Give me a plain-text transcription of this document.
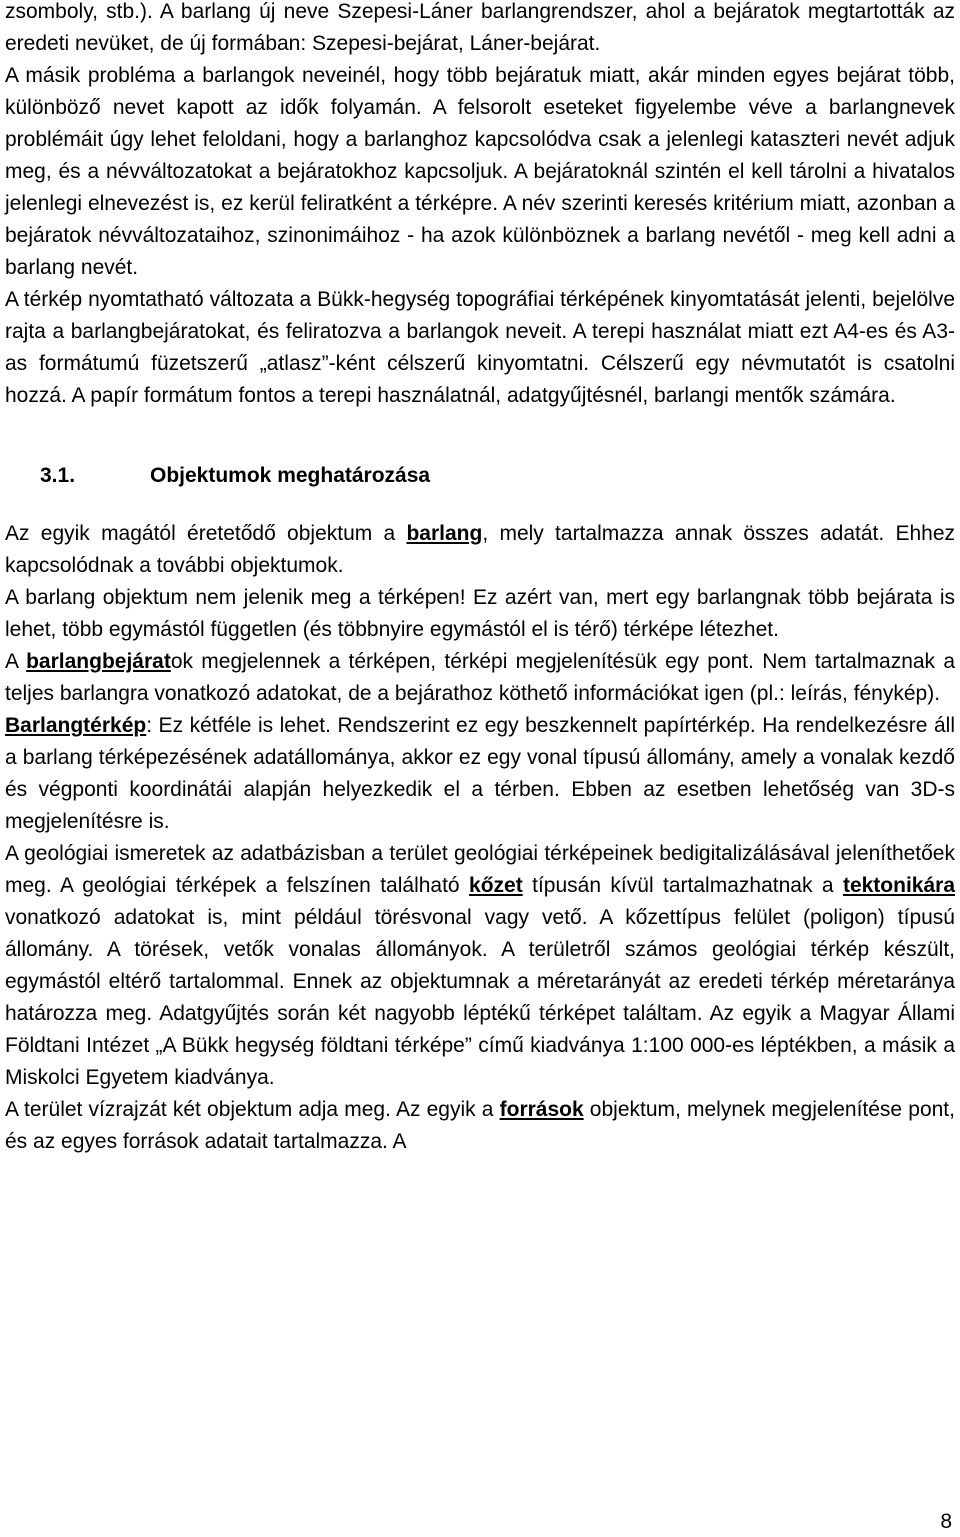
zsomboly, stb.). A barlang új neve Szepesi-Láner barlangrendszer, ahol a bejáratok megtartották az eredeti nevüket, de új formában: Szepesi-bejárat, Láner-bejárat.

A másik probléma a barlangok neveinél, hogy több bejáratuk miatt, akár minden egyes bejárat több, különböző nevet kapott az idők folyamán. A felsorolt eseteket figyelembe véve a barlangnevek problémáit úgy lehet feloldani, hogy a barlanghoz kapcsolódva csak a jelenlegi kataszteri nevét adjuk meg, és a névváltozatokat a bejáratokhoz kapcsoljuk. A bejáratoknál szintén el kell tárolni a hivatalos jelenlegi elnevezést is, ez kerül feliratként a térképre. A név szerinti keresés kritérium miatt, azonban a bejáratok névváltozataihoz, szinonimáihoz - ha azok különböznek a barlang nevétől - meg kell adni a barlang nevét.

A térkép nyomtatható változata a Bükk-hegység topográfiai térképének kinyomtatását jelenti, bejelölve rajta a barlangbejáratokat, és feliratozva a barlangok neveit. A terepi használat miatt ezt A4-es és A3-as formátumú füzetszerű „atlasz”-ként célszerű kinyomtatni. Célszerű egy névmutatót is csatolni hozzá. A papír formátum fontos a terepi használatnál, adatgyűjtésnél, barlangi mentők számára.

3.1.	Objektumok meghatározása

Az egyik magától éretetődő objektum a barlang, mely tartalmazza annak összes adatát. Ehhez kapcsolódnak a további objektumok.

A barlang objektum nem jelenik meg a térképen! Ez azért van, mert egy barlangnak több bejárata is lehet, több egymástól független (és többnyire egymástól el is térő) térképe létezhet.

A barlangbejáratok megjelennek a térképen, térképi megjelenítésük egy pont. Nem tartalmaznak a teljes barlangra vonatkozó adatokat, de a bejárathoz köthető információkat igen (pl.: leírás, fénykép).

Barlangtérkép: Ez kétféle is lehet. Rendszerint ez egy beszkennelt papírtérkép. Ha rendelkezésre áll a barlang térképezésének adatállománya, akkor ez egy vonal típusú állomány, amely a vonalak kezdő és végponti koordinátái alapján helyezkedik el a térben. Ebben az esetben lehetőség van 3D-s megjelenítésre is.

A geológiai ismeretek az adatbázisban a terület geológiai térképeinek bedigitalizálásával jeleníthetőek meg. A geológiai térképek a felszínen található kőzet típusán kívül tartalmazhatnak a tektonikára vonatkozó adatokat is, mint például törésvonal vagy vető. A kőzettípus felület (poligon) típusú állomány. A törések, vetők vonalas állományok. A területről számos geológiai térkép készült, egymástól eltérő tartalommal. Ennek az objektumnak a méretarányát az eredeti térkép méretaránya határozza meg. Adatgyűjtés során két nagyobb léptékű térképet találtam. Az egyik a Magyar Állami Földtani Intézet „A Bükk hegység földtani térképe” című kiadványa 1:100 000-es léptékben, a másik a Miskolci Egyetem kiadványa.

A terület vízrajzát két objektum adja meg. Az egyik a források objektum, melynek megjelenítése pont, és az egyes források adatait tartalmazza. A

8
